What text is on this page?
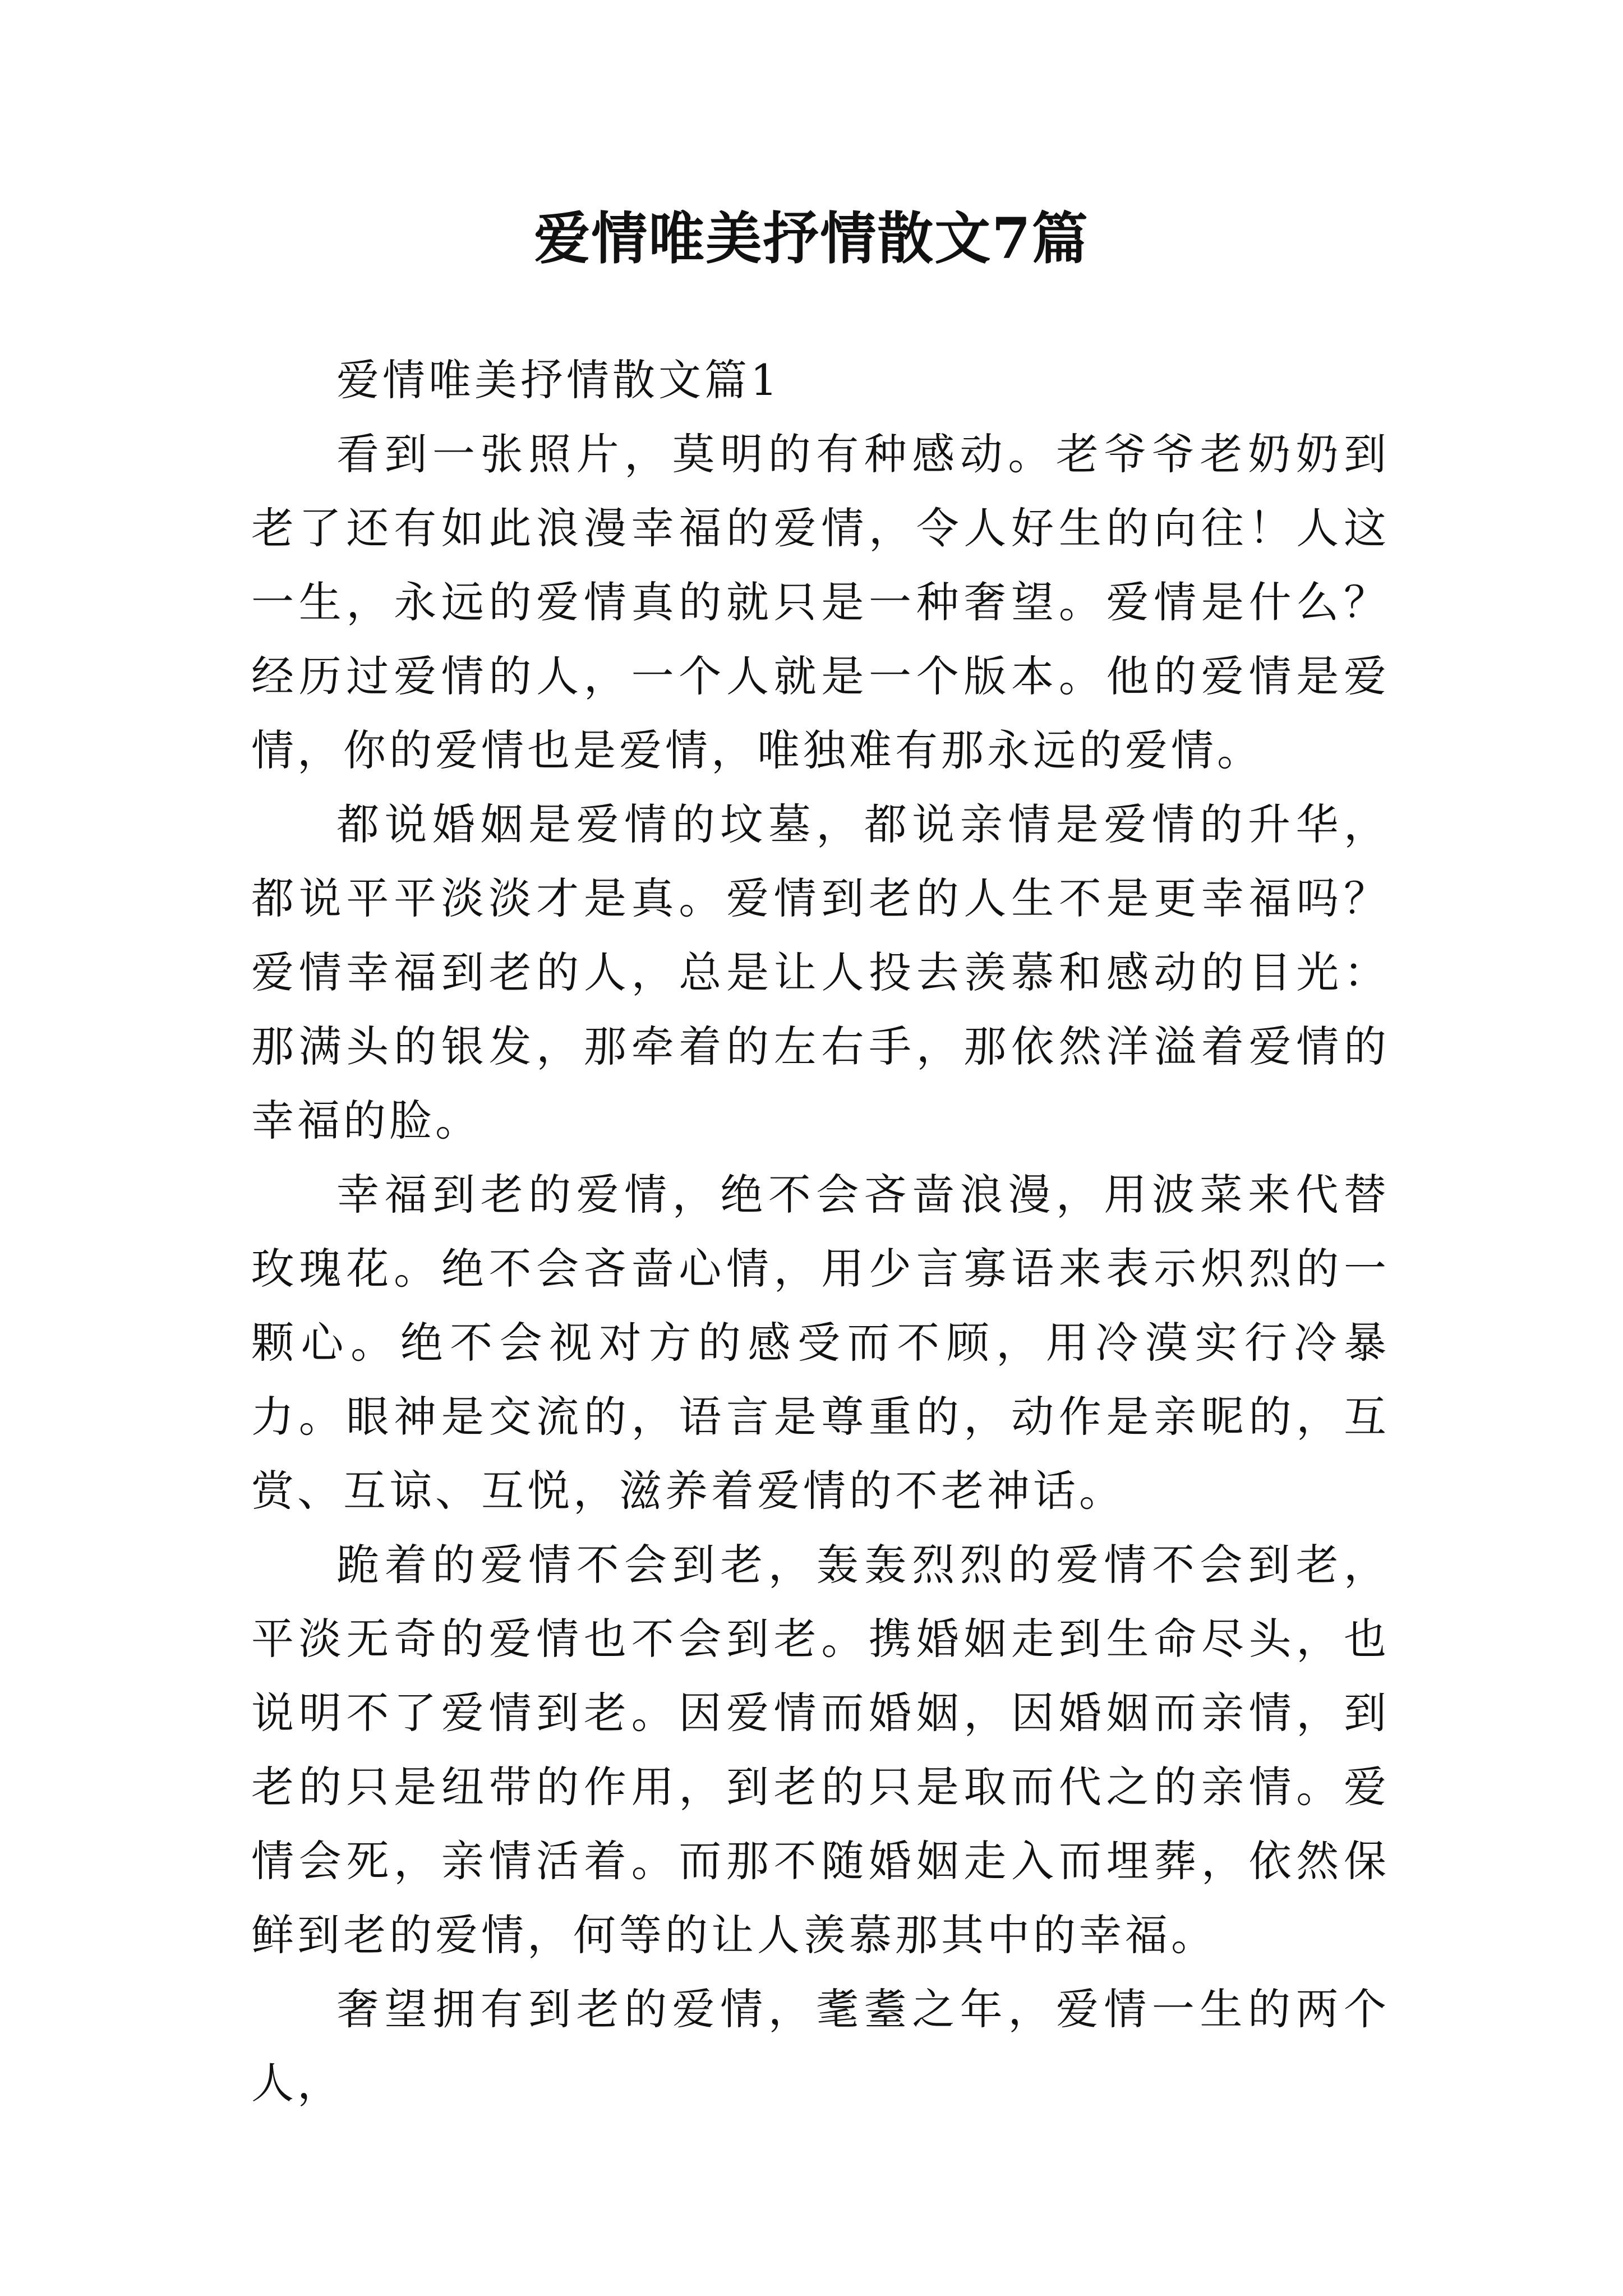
爱情唯美抒情散文7篇

爱情唯美抒情散文篇1

看到一张照片，莫明的有种感动。老爷爷老奶奶到老了还有如此浪漫幸福的爱情，令人好生的向往！人这一生，永远的爱情真的就只是一种奢望。爱情是什么？经历过爱情的人，一个人就是一个版本。他的爱情是爱情，你的爱情也是爱情，唯独难有那永远的爱情。

都说婚姻是爱情的坟墓，都说亲情是爱情的升华，都说平平淡淡才是真。爱情到老的人生不是更幸福吗？爱情幸福到老的人，总是让人投去羡慕和感动的目光：那满头的银发，那牵着的左右手，那依然洋溢着爱情的幸福的脸。

幸福到老的爱情，绝不会吝啬浪漫，用波菜来代替玫瑰花。绝不会吝啬心情，用少言寡语来表示炽烈的一颗心。绝不会视对方的感受而不顾，用冷漠实行冷暴力。眼神是交流的，语言是尊重的，动作是亲昵的，互赏、互谅、互悦，滋养着爱情的不老神话。

跪着的爱情不会到老，轰轰烈烈的爱情不会到老，平淡无奇的爱情也不会到老。携婚姻走到生命尽头，也说明不了爱情到老。因爱情而婚姻，因婚姻而亲情，到老的只是纽带的作用，到老的只是取而代之的亲情。爱情会死，亲情活着。而那不随婚姻走入而埋葬，依然保鲜到老的爱情，何等的让人羡慕那其中的幸福。

奢望拥有到老的爱情，耄耋之年，爱情一生的两个人，
